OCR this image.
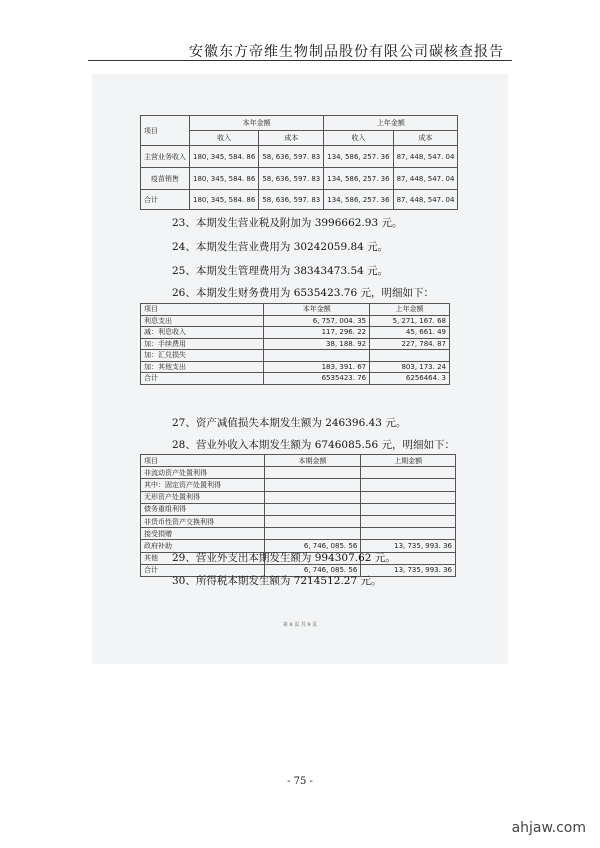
安徽东方帝维生物制品股份有限公司碳核查报告
项目	本年金额		上年金额	
	收入	成本	收入	成本
主营业务收入	180, 345, 584. 86	58, 636, 597. 83	134, 586, 257. 36	87, 448, 547. 04
疫苗销售	180, 345, 584. 86	58, 636, 597. 83	134, 586, 257. 36	87, 448, 547. 04
合计	180, 345, 584. 86	58, 636, 597. 83	134, 586, 257. 36	87, 448, 547. 04
23、本期发生营业税及附加为 3996662.93 元。
24、本期发生营业费用为 30242059.84 元。
25、本期发生管理费用为 38343473.54 元。
26、本期发生财务费用为 6535423.76 元，明细如下：
项目	本年金额	上年金额
利息支出	6, 757, 004. 35	5, 271, 167. 68
减：利息收入	117, 296. 22	45, 661. 49
加：手续费用	38, 188. 92	227, 784. 87
加：汇兑损失		
加：其他支出	183, 391. 67	803, 173. 24
合计	6535423. 76	6256464. 3
27、资产减值损失本期发生额为 246396.43 元。
28、营业外收入本期发生额为 6746085.56 元，明细如下：
项目	本期金额	上期金额
非流动资产处置利得		
其中：固定资产处置利得		
无形资产处置利得		
债务重组利得		
非货币性资产交换利得		
接受捐赠		
政府补助	6, 746, 085. 56	13, 735, 993. 36
其他		
合计	6, 746, 085. 56	13, 735, 993. 36
29、营业外支出本期发生额为 994307.62 元。
30、所得税本期发生额为 7214512.27 元。
第 8 页 共 9 页
- 75 -
ahjaw.com
